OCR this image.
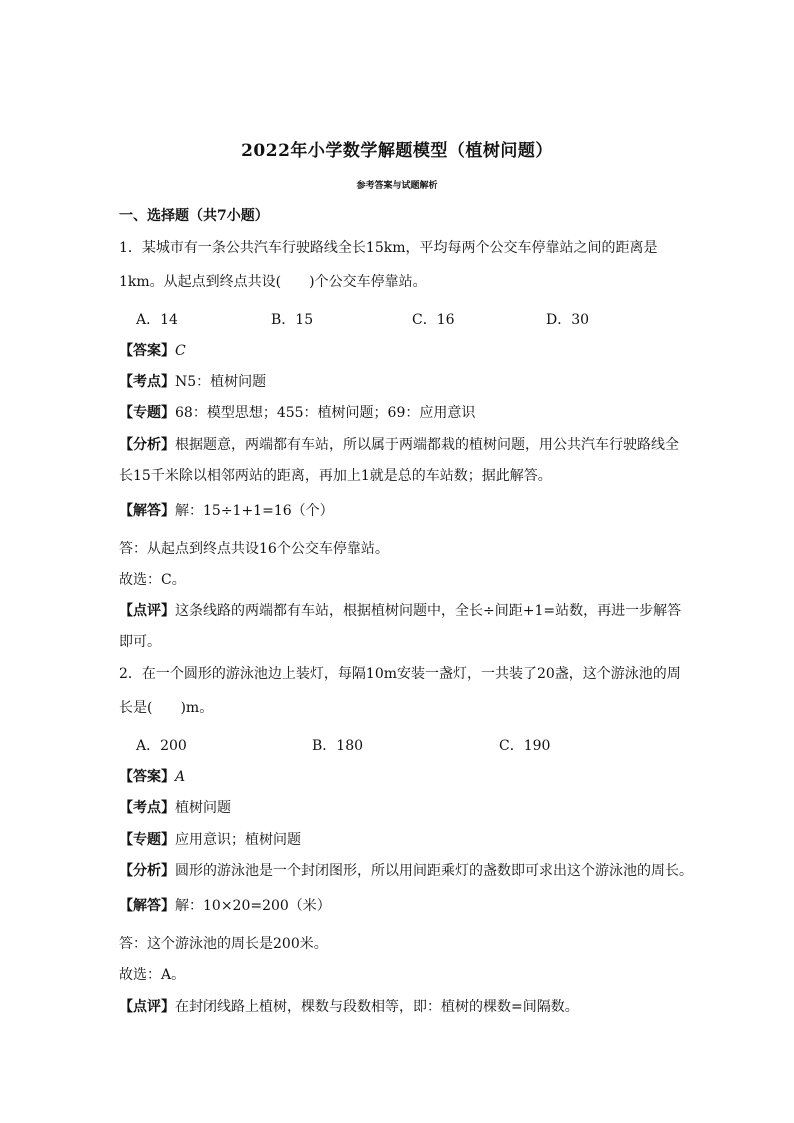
2022年小学数学解题模型（植树问题）
参考答案与试题解析
一、选择题（共7小题）
1．某城市有一条公共汽车行驶路线全长15km，平均每两个公交车停靠站之间的距离是
1km。从起点到终点共设(　　)个公交车停靠站。
A．14	B．15	C．16	D．30
【答案】C
【考点】N5：植树问题
【专题】68：模型思想；455：植树问题；69：应用意识
【分析】根据题意，两端都有车站，所以属于两端都栽的植树问题，用公共汽车行驶路线全
长15千米除以相邻两站的距离，再加上1就是总的车站数；据此解答。
【解答】解：15÷1+1=16（个）
答：从起点到终点共设16个公交车停靠站。
故选：C。
【点评】这条线路的两端都有车站，根据植树问题中，全长÷间距+1=站数，再进一步解答
即可。
2．在一个圆形的游泳池边上装灯，每隔10m安装一盏灯，一共装了20盏，这个游泳池的周
长是(　　)m。
A．200	B．180	C．190
【答案】A
【考点】植树问题
【专题】应用意识；植树问题
【分析】圆形的游泳池是一个封闭图形，所以用间距乘灯的盏数即可求出这个游泳池的周长。
【解答】解：10×20=200（米）
答：这个游泳池的周长是200米。
故选：A。
【点评】在封闭线路上植树，棵数与段数相等，即：植树的棵数=间隔数。
